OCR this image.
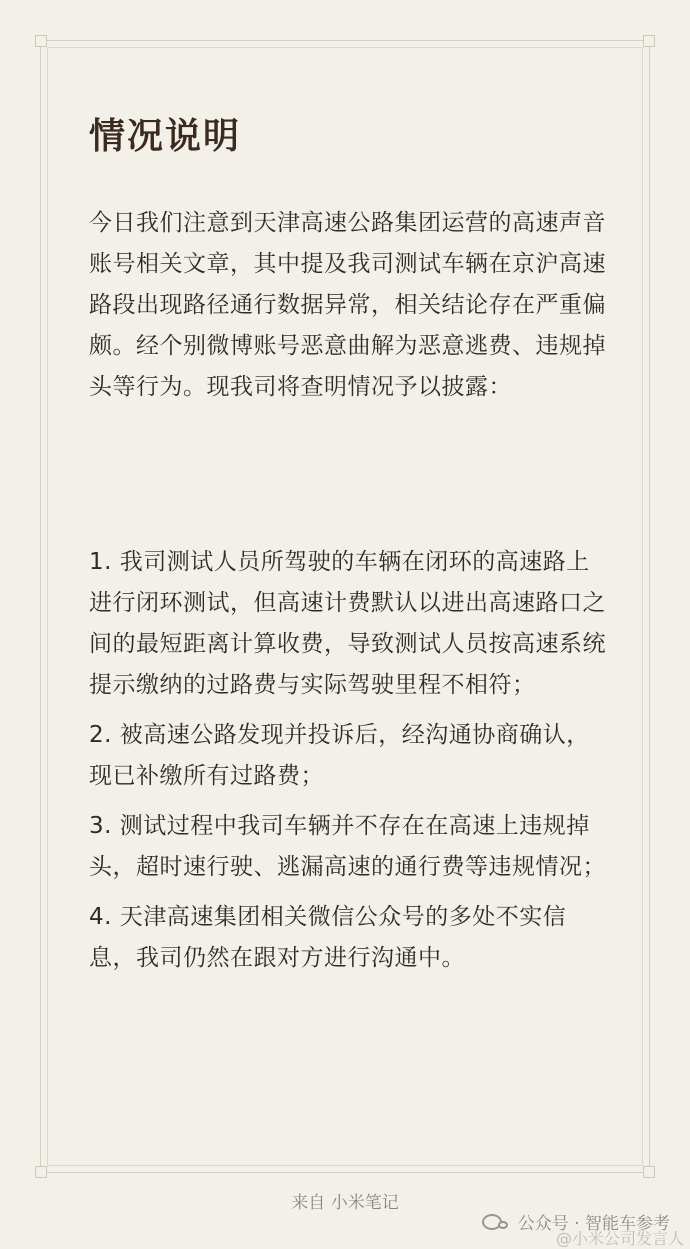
情况说明

今日我们注意到天津高速公路集团运营的高速声音账号相关文章，其中提及我司测试车辆在京沪高速路段出现路径通行数据异常，相关结论存在严重偏颇。经个别微博账号恶意曲解为恶意逃费、违规掉头等行为。现我司将查明情况予以披露：

1. 我司测试人员所驾驶的车辆在闭环的高速路上进行闭环测试，但高速计费默认以进出高速路口之间的最短距离计算收费，导致测试人员按高速系统提示缴纳的过路费与实际驾驶里程不相符；
2. 被高速公路发现并投诉后，经沟通协商确认，现已补缴所有过路费；
3. 测试过程中我司车辆并不存在在高速上违规掉头，超时速行驶、逃漏高速的通行费等违规情况；
4. 天津高速集团相关微信公众号的多处不实信息，我司仍然在跟对方进行沟通中。
来自 小米笔记
公众号 · 智能车参考
@小米公司发言人
